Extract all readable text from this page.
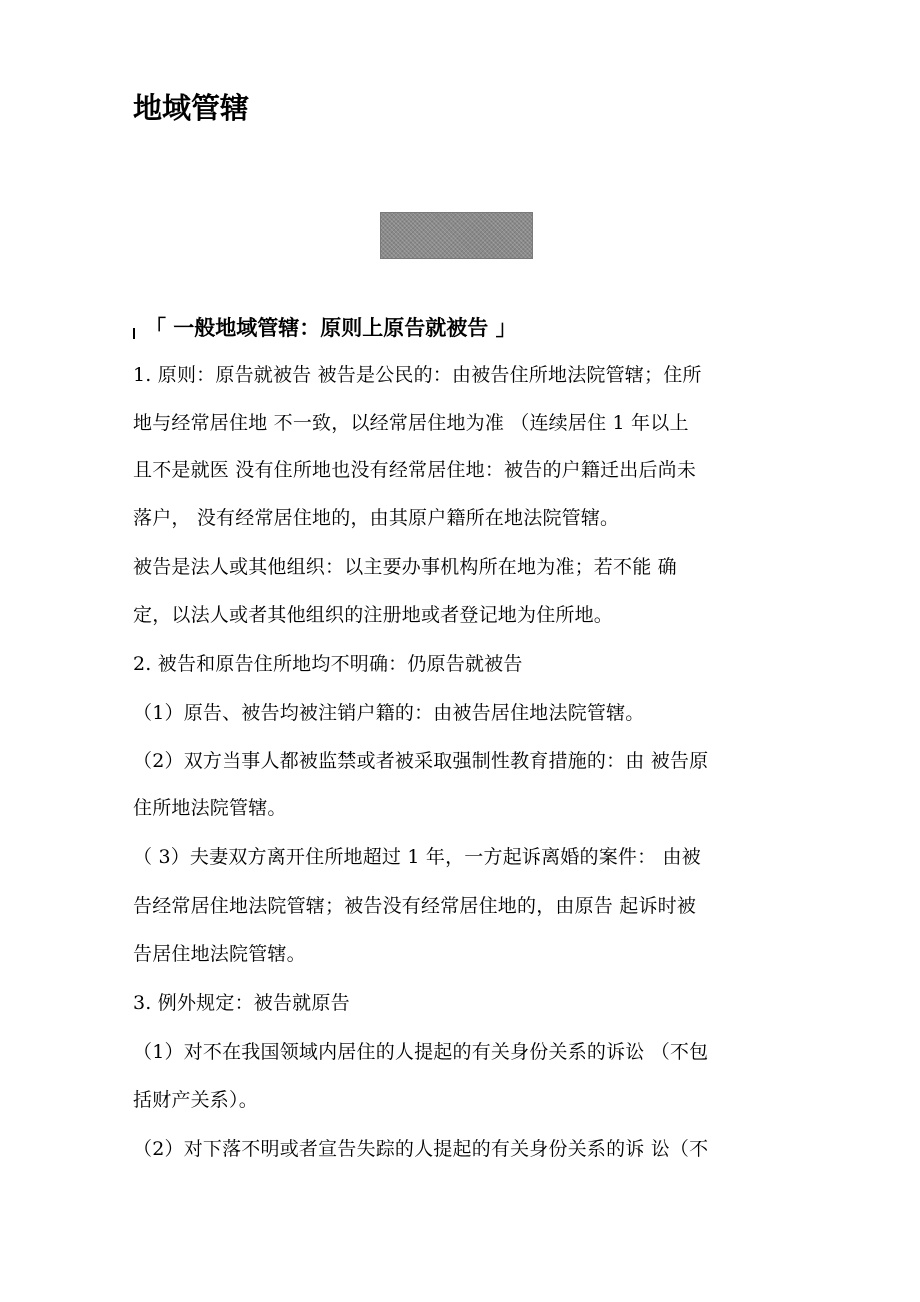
地域管辖
「 一般地域管辖：原则上原告就被告 」
1. 原则：原告就被告 被告是公民的：由被告住所地法院管辖；住所
地与经常居住地 不一致，以经常居住地为准 （连续居住 1 年以上
且不是就医 没有住所地也没有经常居住地：被告的户籍迁出后尚未
落户， 没有经常居住地的，由其原户籍所在地法院管辖。
被告是法人或其他组织：以主要办事机构所在地为准；若不能 确
定，以法人或者其他组织的注册地或者登记地为住所地。
2. 被告和原告住所地均不明确：仍原告就被告
（1）原告、被告均被注销户籍的：由被告居住地法院管辖。
（2）双方当事人都被监禁或者被采取强制性教育措施的：由 被告原
住所地法院管辖。
（ 3）夫妻双方离开住所地超过 1 年，一方起诉离婚的案件： 由被
告经常居住地法院管辖；被告没有经常居住地的，由原告 起诉时被
告居住地法院管辖。
3. 例外规定：被告就原告
（1）对不在我国领域内居住的人提起的有关身份关系的诉讼 （不包
括财产关系）。
（2）对下落不明或者宣告失踪的人提起的有关身份关系的诉 讼（不
